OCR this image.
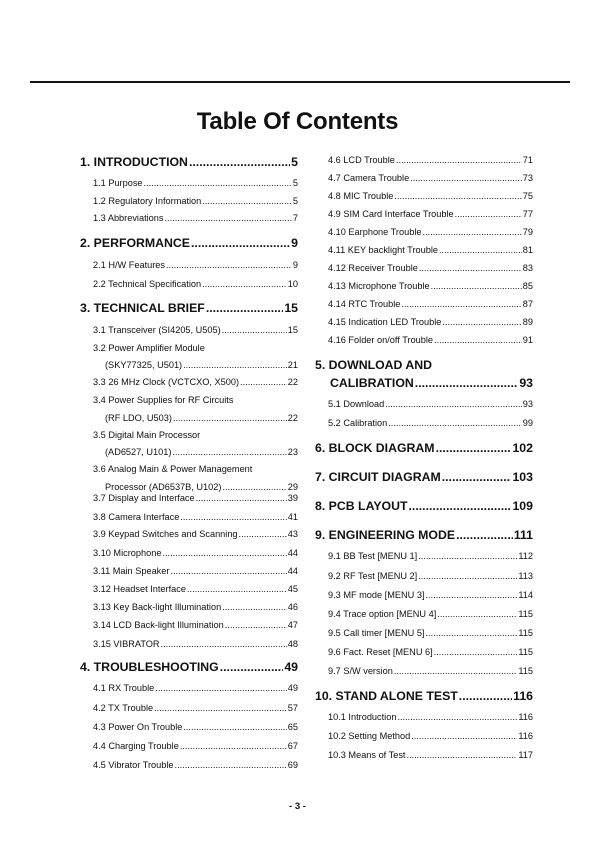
Table Of Contents
1. INTRODUCTION .....	5
1.1 Purpose .....	5
1.2 Regulatory Information .....	5
1.3 Abbreviations .....	7
2. PERFORMANCE .....	9
2.1 H/W Features .....	9
2.2 Technical Specification .....	10
3. TECHNICAL BRIEF .....	15
3.1 Transceiver (SI4205, U505) .....	15
3.2 Power Amplifier Module
(SKY77325, U501) .....	21
3.3 26 MHz Clock (VCTCXO, X500) .....	22
3.4 Power Supplies for RF Circuits
(RF LDO, U503) .....	22
3.5 Digital Main Processor
(AD6527, U101) .....	23
3.6 Analog Main & Power Management
Processor (AD6537B, U102) .....	29
3.7 Display and Interface .....	39
3.8 Camera Interface .....	41
3.9 Keypad Switches and Scanning .....	43
3.10 Microphone .....	44
3.11 Main Speaker .....	44
3.12 Headset Interface .....	45
3.13 Key Back-light Illumination .....	46
3.14 LCD Back-light Illumination .....	47
3.15 VIBRATOR .....	48
4. TROUBLESHOOTING .....	49
4.1 RX Trouble .....	49
4.2 TX Trouble .....	57
4.3 Power On Trouble .....	65
4.4 Charging Trouble .....	67
4.5 Vibrator Trouble .....	69
4.6 LCD Trouble .....	71
4.7 Camera Trouble .....	73
4.8 MIC Trouble .....	75
4.9 SIM Card Interface Trouble .....	77
4.10 Earphone Trouble .....	79
4.11 KEY backlight Trouble .....	81
4.12 Receiver Trouble .....	83
4.13 Microphone Trouble .....	85
4.14 RTC Trouble .....	87
4.15 Indication LED Trouble .....	89
4.16 Folder on/off Trouble .....	91
5. DOWNLOAD AND
CALIBRATION .....	93
5.1 Download .....	93
5.2 Calibration .....	99
6. BLOCK DIAGRAM .....	102
7. CIRCUIT DIAGRAM .....	103
8. PCB LAYOUT .....	109
9. ENGINEERING MODE .....	111
9.1 BB Test [MENU 1] .....	112
9.2 RF Test [MENU 2] .....	113
9.3 MF mode [MENU 3] .....	114
9.4 Trace option [MENU 4] .....	115
9.5 Call timer [MENU 5] .....	115
9.6 Fact. Reset [MENU 6] .....	115
9.7 S/W version .....	115
10. STAND ALONE TEST .....	116
10.1 Introduction .....	116
10.2 Setting Method .....	116
10.3 Means of Test .....	117
- 3 -
